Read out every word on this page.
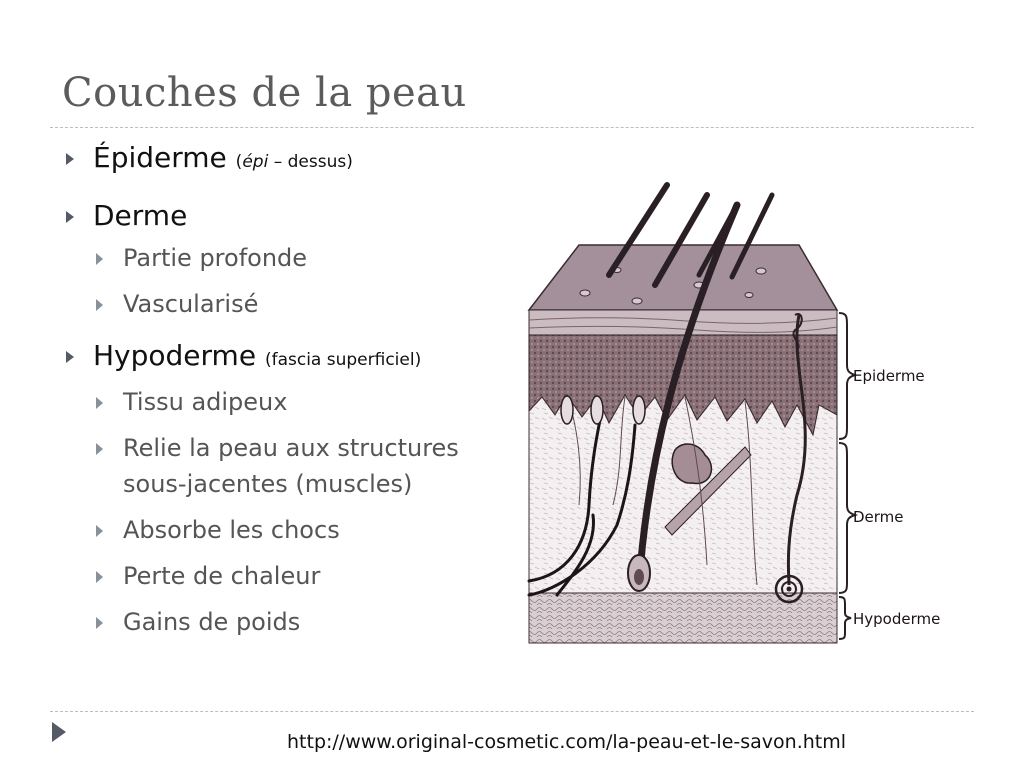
Couches de la peau
Épiderme (épi – dessus)
Derme
Partie profonde
Vascularisé
Hypoderme (fascia superficiel)
Tissu adipeux
Relie la peau aux structures sous-jacentes (muscles)
Absorbe les chocs
Perte de chaleur
Gains de poids
Epiderme
Derme
Hypoderme

http://www.original-cosmetic.com/la-peau-et-le-savon.html
